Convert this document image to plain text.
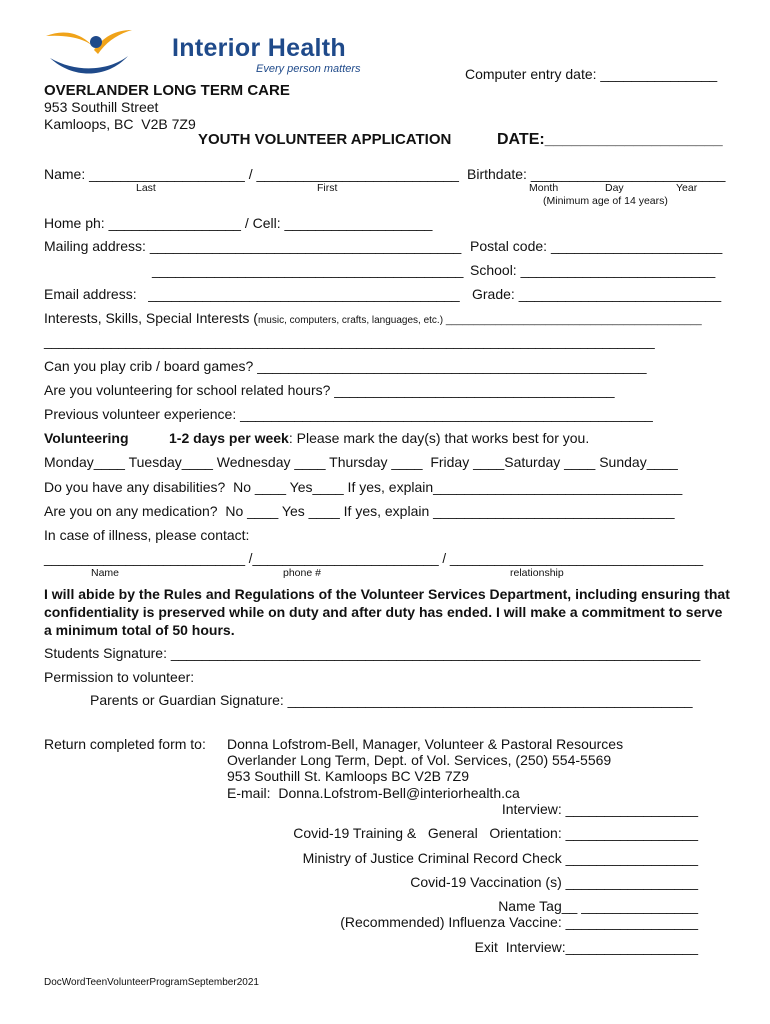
Interior Health
Every person matters	Computer entry date: _______________
OVERLANDER LONG TERM CARE
953 Southill Street
Kamloops, BC  V2B 7Z9
YOUTH VOLUNTEER APPLICATION	DATE:____________________
Name: ____________________ / __________________________ Birthdate: _________________________
Last	First	Month	Day	Year
(Minimum age of 14 years)
Home ph: _________________ / Cell: ___________________
Mailing address: ________________________________________ Postal code: ______________________
________________________________________ School: _________________________
Email address:   ________________________________________ Grade: __________________________
Interests, Skills, Special Interests (music, computers, crafts, languages, etc.) ______________________________________________
__________________________________________________________________________________
Can you play crib / board games? __________________________________________________
Are you volunteering for school related hours? ____________________________________
Previous volunteer experience: _____________________________________________________
Volunteering	1-2 days per week: Please mark the day(s) that works best for you.
Monday____ Tuesday____ Wednesday ____ Thursday ____  Friday ____Saturday ____ Sunday____
Do you have any disabilities?  No ____ Yes____ If yes, explain________________________________
Are you on any medication?  No ____ Yes ____ If yes, explain _______________________________
In case of illness, please contact:
___________________________ /_________________________ / __________________________________
Name	phone #	relationship
I will abide by the Rules and Regulations of the Volunteer Services Department, including ensuring that confidentiality is preserved while on duty and after duty has ended. I will make a commitment to serve a minimum total of 50 hours.
Students Signature: ____________________________________________________________________
Permission to volunteer:
Parents or Guardian Signature: ____________________________________________________
Return completed form to: Donna Lofstrom-Bell, Manager, Volunteer & Pastoral Resources
Overlander Long Term, Dept. of Vol. Services, (250) 554-5569
953 Southill St. Kamloops BC V2B 7Z9
E-mail:  Donna.Lofstrom-Bell@interiorhealth.ca
Interview: _________________
Covid-19 Training &   General   Orientation: _________________
Ministry of Justice Criminal Record Check _________________
Covid-19 Vaccination (s) _________________
Name Tag__ _______________
(Recommended) Influenza Vaccine: _________________
Exit  Interview:_________________
DocWordTeenVolunteerProgramSeptember2021
